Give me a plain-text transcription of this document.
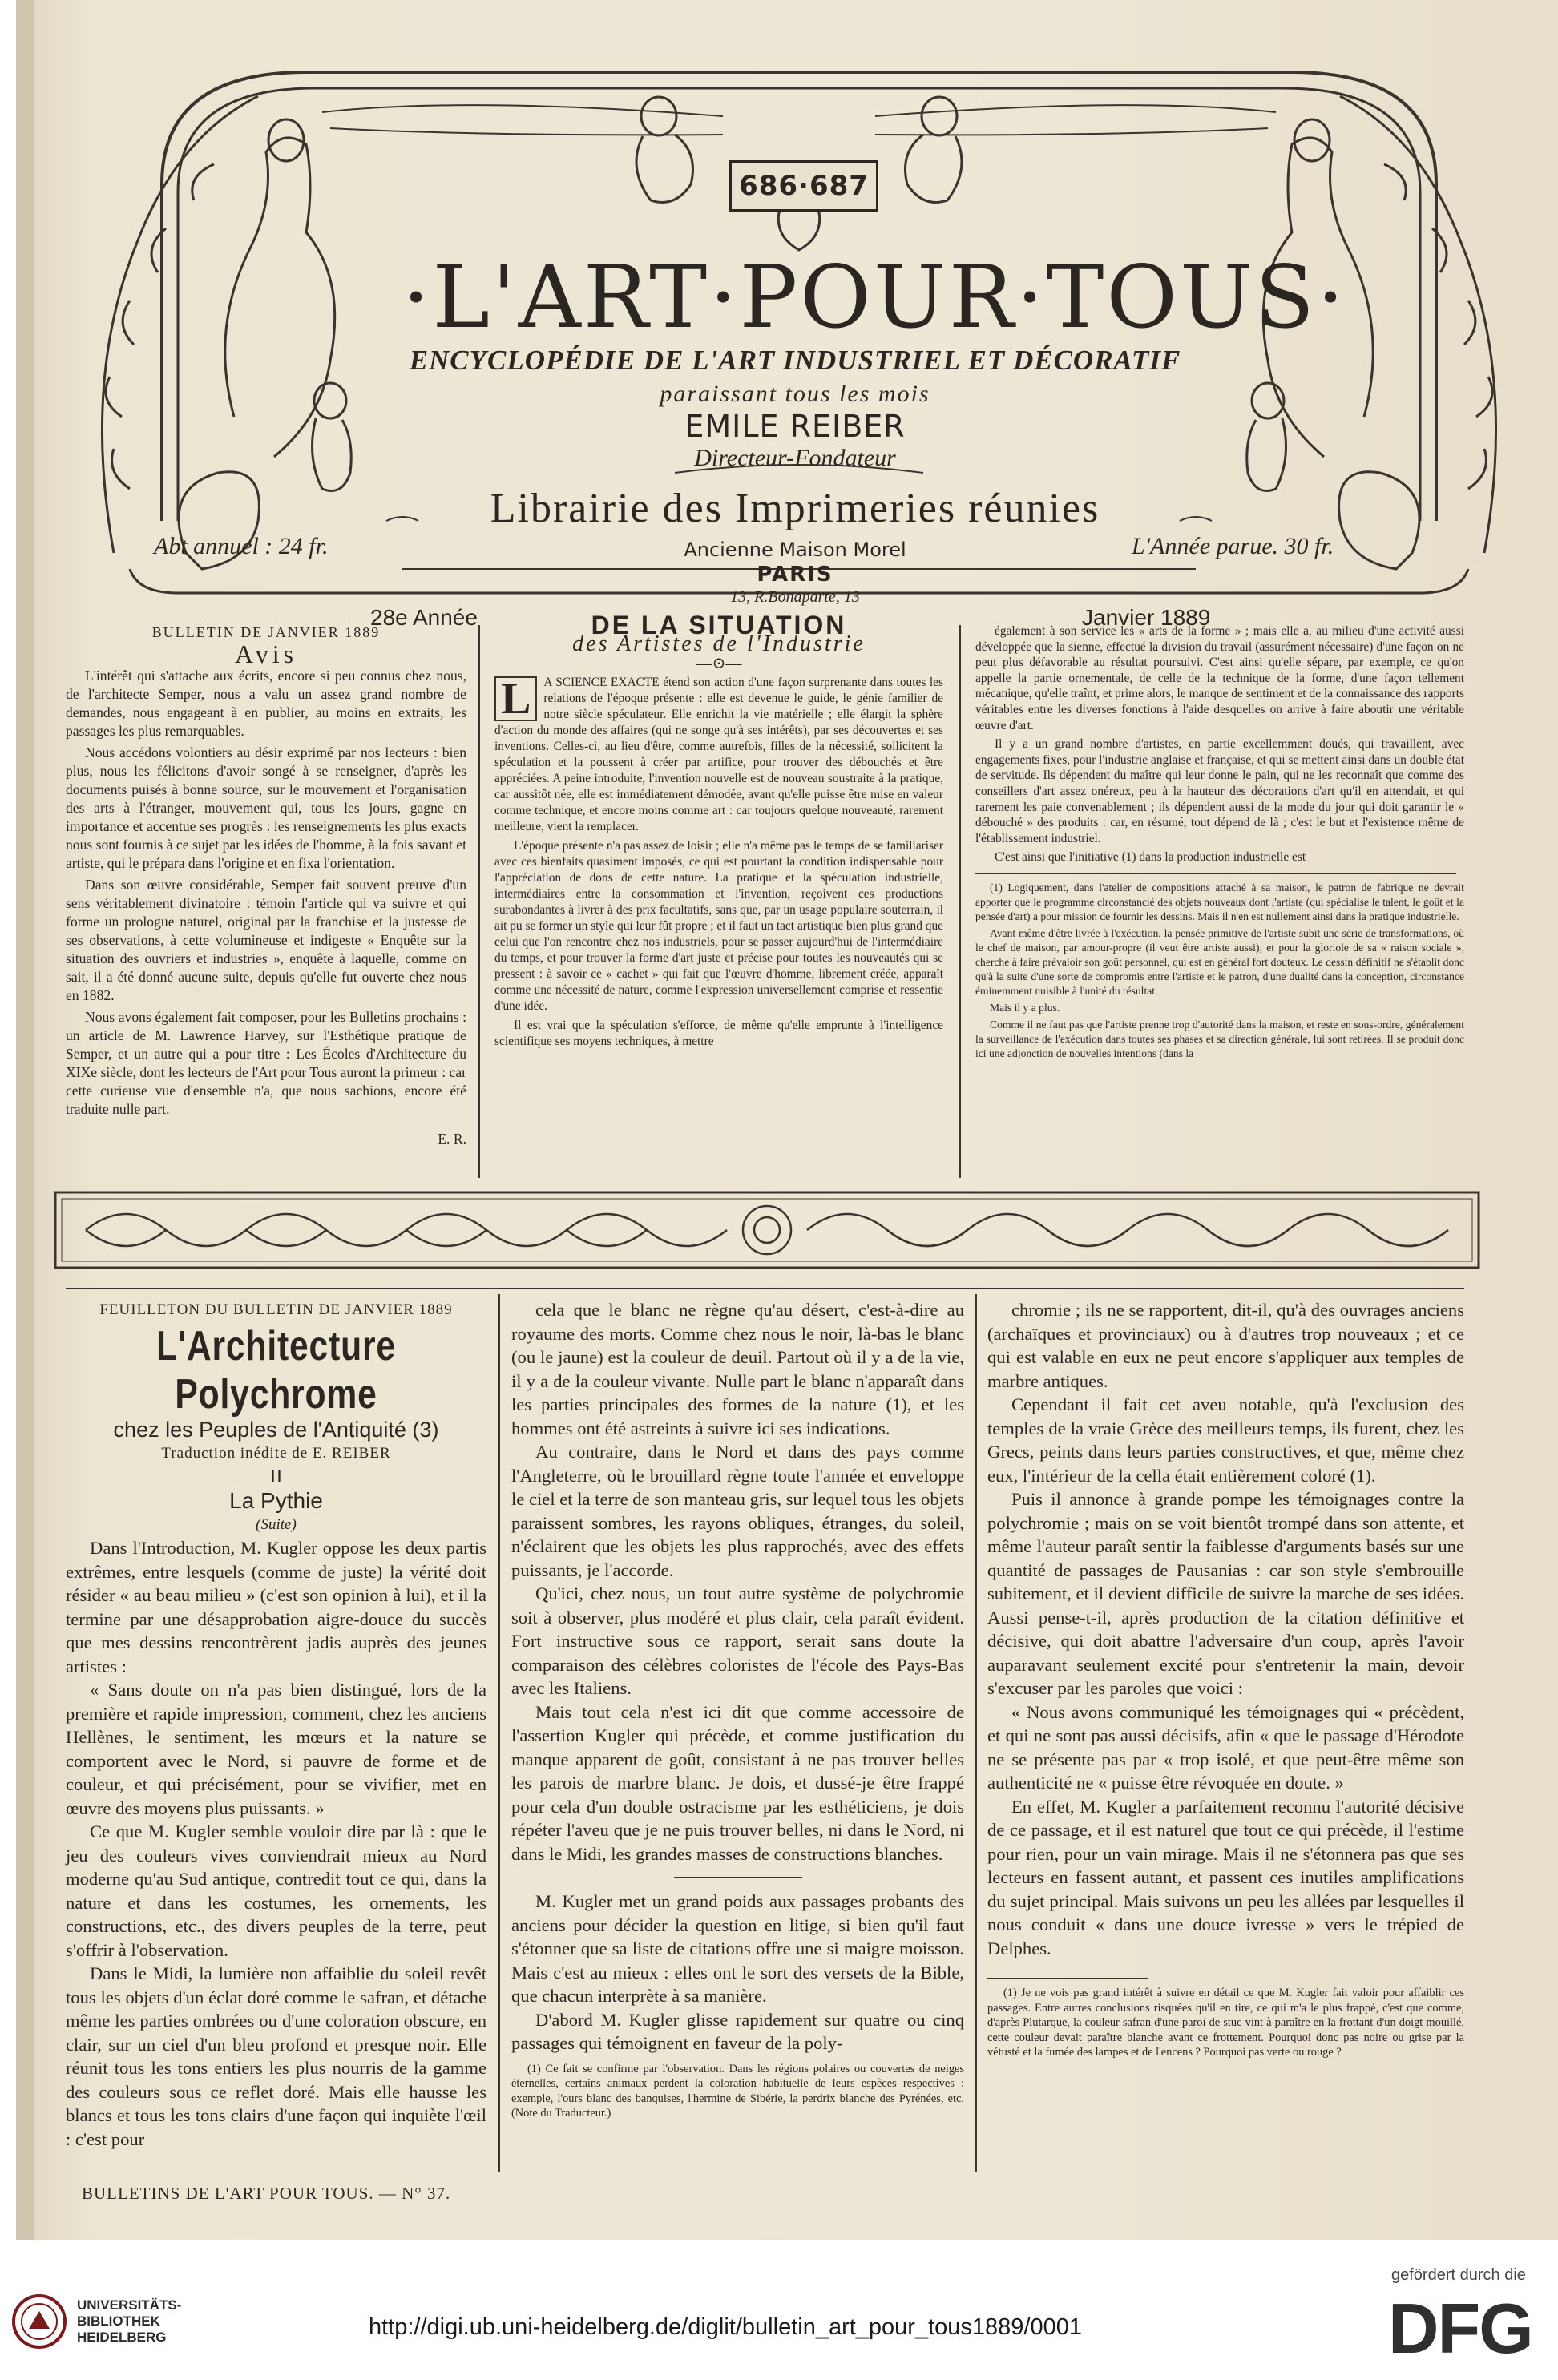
686·687
·L'ART·POUR·TOUS·
ENCYCLOPÉDIE DE L'ART INDUSTRIEL ET DÉCORATIF
paraissant tous les mois
EMILE REIBER
Directeur-Fondateur
Librairie des Imprimeries réunies
Ancienne Maison Morel
PARIS
13, R.Bonaparte, 13
Abt annuel : 24 fr.	L'Année parue. 30 fr.
28e Année	Janvier 1889

BULLETIN DE JANVIER 1889

Avis

L'intérêt qui s'attache aux écrits, encore si peu connus chez nous, de l'architecte Semper, nous a valu un assez grand nombre de demandes, nous engageant à en publier, au moins en extraits, les passages les plus remarquables.

Nous accédons volontiers au désir exprimé par nos lecteurs : bien plus, nous les félicitons d'avoir songé à se renseigner, d'après les documents puisés à bonne source, sur le mouvement et l'organisation des arts à l'étranger, mouvement qui, tous les jours, gagne en importance et accentue ses progrès : les renseignements les plus exacts nous sont fournis à ce sujet par les idées de l'homme, à la fois savant et artiste, qui le prépara dans l'origine et en fixa l'orientation.

Dans son œuvre considérable, Semper fait souvent preuve d'un sens véritablement divinatoire : témoin l'article qui va suivre et qui forme un prologue naturel, original par la franchise et la justesse de ses observations, à cette volumineuse et indigeste « Enquête sur la situation des ouvriers et industries », enquête à laquelle, comme on sait, il a été donné aucune suite, depuis qu'elle fut ouverte chez nous en 1882.

Nous avons également fait composer, pour les Bulletins prochains : un article de M. Lawrence Harvey, sur l'Esthétique pratique de Semper, et un autre qui a pour titre : Les Écoles d'Architecture du XIXe siècle, dont les lecteurs de l'Art pour Tous auront la primeur : car cette curieuse vue d'ensemble n'a, que nous sachions, encore été traduite nulle part.

E. R.

DE LA SITUATION

des Artistes de l'Industrie

—⊙—

L	A SCIENCE EXACTE étend son action d'une façon surprenante dans toutes les relations de l'époque présente : elle est devenue le guide, le génie familier de notre siècle spéculateur. Elle enrichit la vie matérielle ; elle élargit la sphère d'action du monde des affaires (qui ne songe qu'à ses intérêts), par ses découvertes et ses inventions. Celles-ci, au lieu d'être, comme autrefois, filles de la nécessité, sollicitent la spéculation et la poussent à créer par artifice, pour trouver des débouchés et être appréciées. A peine introduite, l'invention nouvelle est de nouveau soustraite à la pratique, car aussitôt née, elle est immédiatement démodée, avant qu'elle puisse être mise en valeur comme technique, et encore moins comme art : car toujours quelque nouveauté, rarement meilleure, vient la remplacer.

L'époque présente n'a pas assez de loisir ; elle n'a même pas le temps de se familiariser avec ces bienfaits quasiment imposés, ce qui est pourtant la condition indispensable pour l'appréciation de dons de cette nature. La pratique et la spéculation industrielle, intermédiaires entre la consommation et l'invention, reçoivent ces productions surabondantes à livrer à des prix facultatifs, sans que, par un usage populaire souterrain, il ait pu se former un style qui leur fût propre ; et il faut un tact artistique bien plus grand que celui que l'on rencontre chez nos industriels, pour se passer aujourd'hui de l'intermédiaire du temps, et pour trouver la forme d'art juste et précise pour toutes les nouveautés qui se pressent : à savoir ce « cachet » qui fait que l'œuvre d'homme, librement créée, apparaît comme une nécessité de nature, comme l'expression universellement comprise et ressentie d'une idée.

Il est vrai que la spéculation s'efforce, de même qu'elle emprunte à l'intelligence scientifique ses moyens techniques, à mettre

également à son service les « arts de la forme » ; mais elle a, au milieu d'une activité aussi développée que la sienne, effectué la division du travail (assurément nécessaire) d'une façon on ne peut plus défavorable au résultat poursuivi. C'est ainsi qu'elle sépare, par exemple, ce qu'on appelle la partie ornementale, de celle de la technique de la forme, d'une façon tellement mécanique, qu'elle traînt, et prime alors, le manque de sentiment et de la connaissance des rapports véritables entre les diverses fonctions à l'aide desquelles on arrive à faire aboutir une véritable œuvre d'art.

Il y a un grand nombre d'artistes, en partie excellemment doués, qui travaillent, avec engagements fixes, pour l'industrie anglaise et française, et qui se mettent ainsi dans un double état de servitude. Ils dépendent du maître qui leur donne le pain, qui ne les reconnaît que comme des conseillers d'art assez onéreux, peu à la hauteur des décorations d'art qu'il en attendait, et qui rarement les paie convenablement ; ils dépendent aussi de la mode du jour qui doit garantir le « débouché » des produits : car, en résumé, tout dépend de là ; c'est le but et l'existence même de l'établissement industriel.

C'est ainsi que l'initiative (1) dans la production industrielle est

(1) Logiquement, dans l'atelier de compositions attaché à sa maison, le patron de fabrique ne devrait apporter que le programme circonstancié des objets nouveaux dont l'artiste (qui spécialise le talent, le goût et la pensée d'art) a pour mission de fournir les dessins. Mais il n'en est nullement ainsi dans la pratique industrielle.

Avant même d'être livrée à l'exécution, la pensée primitive de l'artiste subit une série de transformations, où le chef de maison, par amour-propre (il veut être artiste aussi), et pour la gloriole de sa « raison sociale », cherche à faire prévaloir son goût personnel, qui est en général fort douteux. Le dessin définitif ne s'établit donc qu'à la suite d'une sorte de compromis entre l'artiste et le patron, d'une dualité dans la conception, circonstance éminemment nuisible à l'unité du résultat.

Mais il y a plus.

Comme il ne faut pas que l'artiste prenne trop d'autorité dans la maison, et reste en sous-ordre, généralement la surveillance de l'exécution dans toutes ses phases et sa direction générale, lui sont retirées. Il se produit donc ici une adjonction de nouvelles intentions (dans la

FEUILLETON DU BULLETIN DE JANVIER 1889

L'Architecture Polychrome

chez les Peuples de l'Antiquité (3)

Traduction inédite de E. REIBER

II

La Pythie

(Suite)

Dans l'Introduction, M. Kugler oppose les deux partis extrêmes, entre lesquels (comme de juste) la vérité doit résider « au beau milieu » (c'est son opinion à lui), et il la termine par une désapprobation aigre-douce du succès que mes dessins rencontrèrent jadis auprès des jeunes artistes :

« Sans doute on n'a pas bien distingué, lors de la première et rapide impression, comment, chez les anciens Hellènes, le sentiment, les mœurs et la nature se comportent avec le Nord, si pauvre de forme et de couleur, et qui précisément, pour se vivifier, met en œuvre des moyens plus puissants. »

Ce que M. Kugler semble vouloir dire par là : que le jeu des couleurs vives conviendrait mieux au Nord moderne qu'au Sud antique, contredit tout ce qui, dans la nature et dans les costumes, les ornements, les constructions, etc., des divers peuples de la terre, peut s'offrir à l'observation.

Dans le Midi, la lumière non affaiblie du soleil revêt tous les objets d'un éclat doré comme le safran, et détache même les parties ombrées ou d'une coloration obscure, en clair, sur un ciel d'un bleu profond et presque noir. Elle réunit tous les tons entiers les plus nourris de la gamme des couleurs sous ce reflet doré. Mais elle hausse les blancs et tous les tons clairs d'une façon qui inquiète l'œil : c'est pour

cela que le blanc ne règne qu'au désert, c'est-à-dire au royaume des morts. Comme chez nous le noir, là-bas le blanc (ou le jaune) est la couleur de deuil. Partout où il y a de la vie, il y a de la couleur vivante. Nulle part le blanc n'apparaît dans les parties principales des formes de la nature (1), et les hommes ont été astreints à suivre ici ses indications.

Au contraire, dans le Nord et dans des pays comme l'Angleterre, où le brouillard règne toute l'année et enveloppe le ciel et la terre de son manteau gris, sur lequel tous les objets paraissent sombres, les rayons obliques, étranges, du soleil, n'éclairent que les objets les plus rapprochés, avec des effets puissants, je l'accorde.

Qu'ici, chez nous, un tout autre système de polychromie soit à observer, plus modéré et plus clair, cela paraît évident. Fort instructive sous ce rapport, serait sans doute la comparaison des célèbres coloristes de l'école des Pays-Bas avec les Italiens.

Mais tout cela n'est ici dit que comme accessoire de l'assertion Kugler qui précède, et comme justification du manque apparent de goût, consistant à ne pas trouver belles les parois de marbre blanc. Je dois, et dussé-je être frappé pour cela d'un double ostracisme par les esthéticiens, je dois répéter l'aveu que je ne puis trouver belles, ni dans le Nord, ni dans le Midi, les grandes masses de constructions blanches.

M. Kugler met un grand poids aux passages probants des anciens pour décider la question en litige, si bien qu'il faut s'étonner que sa liste de citations offre une si maigre moisson. Mais c'est au mieux : elles ont le sort des versets de la Bible, que chacun interprète à sa manière.

D'abord M. Kugler glisse rapidement sur quatre ou cinq passages qui témoignent en faveur de la poly-

(1) Ce fait se confirme par l'observation. Dans les régions polaires ou couvertes de neiges éternelles, certains animaux perdent la coloration habituelle de leurs espèces respectives : exemple, l'ours blanc des banquises, l'hermine de Sibérie, la perdrix blanche des Pyrénées, etc. (Note du Traducteur.)

chromie ; ils ne se rapportent, dit-il, qu'à des ouvrages anciens (archaïques et provinciaux) ou à d'autres trop nouveaux ; et ce qui est valable en eux ne peut encore s'appliquer aux temples de marbre antiques.

Cependant il fait cet aveu notable, qu'à l'exclusion des temples de la vraie Grèce des meilleurs temps, ils furent, chez les Grecs, peints dans leurs parties constructives, et que, même chez eux, l'intérieur de la cella était entièrement coloré (1).

Puis il annonce à grande pompe les témoignages contre la polychromie ; mais on se voit bientôt trompé dans son attente, et même l'auteur paraît sentir la faiblesse d'arguments basés sur une quantité de passages de Pausanias : car son style s'embrouille subitement, et il devient difficile de suivre la marche de ses idées. Aussi pense-t-il, après production de la citation définitive et décisive, qui doit abattre l'adversaire d'un coup, après l'avoir auparavant seulement excité pour s'entretenir la main, devoir s'excuser par les paroles que voici :

« Nous avons communiqué les témoignages qui « précèdent, et qui ne sont pas aussi décisifs, afin « que le passage d'Hérodote ne se présente pas par « trop isolé, et que peut-être même son authenticité ne « puisse être révoquée en doute. »

En effet, M. Kugler a parfaitement reconnu l'autorité décisive de ce passage, et il est naturel que tout ce qui précède, il l'estime pour rien, pour un vain mirage. Mais il ne s'étonnera pas que ses lecteurs en fassent autant, et passent ces inutiles amplifications du sujet principal. Mais suivons un peu les allées par lesquelles il nous conduit « dans une douce ivresse » vers le trépied de Delphes.

(1) Je ne vois pas grand intérêt à suivre en détail ce que M. Kugler fait valoir pour affaiblir ces passages. Entre autres conclusions risquées qu'il en tire, ce qui m'a le plus frappé, c'est que comme, d'après Plutarque, la couleur safran d'une paroi de stuc vint à paraître en la frottant d'un doigt mouillé, cette couleur devait paraître blanche avant ce frottement. Pourquoi donc pas noire ou grise par la vétusté et la fumée des lampes et de l'encens ? Pourquoi pas verte ou rouge ?

BULLETINS DE L'ART POUR TOUS. — N° 37.
UNIVERSITÄTS-
BIBLIOTHEK
HEIDELBERG	http://digi.ub.uni-heidelberg.de/diglit/bulletin_art_pour_tous1889/0001
gefördert durch die
DFG
